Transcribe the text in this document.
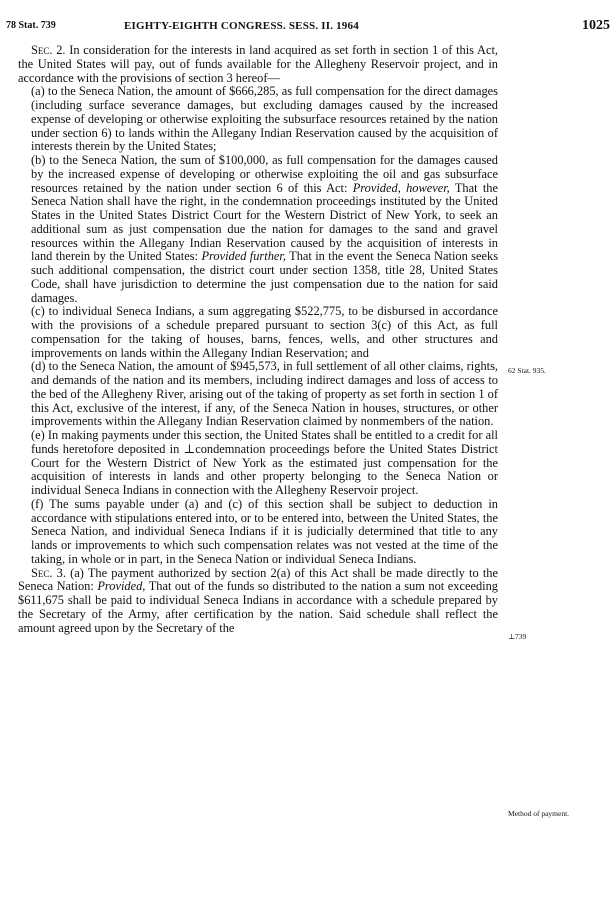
78 Stat. 739	EIGHTY-EIGHTH CONGRESS. SESS. II. 1964	1025

Sec. 2. In consideration for the interests in land acquired as set forth in section 1 of this Act, the United States will pay, out of funds available for the Allegheny Reservoir project, and in accordance with the provisions of section 3 hereof—

(a) to the Seneca Nation, the amount of $666,285, as full compensation for the direct damages (including surface severance damages, but excluding damages caused by the increased expense of developing or otherwise exploiting the subsurface resources retained by the nation under section 6) to lands within the Allegany Indian Reservation caused by the acquisition of interests therein by the United States;

(b) to the Seneca Nation, the sum of $100,000, as full compensation for the damages caused by the increased expense of developing or otherwise exploiting the oil and gas subsurface resources retained by the nation under section 6 of this Act: Provided, however, That the Seneca Nation shall have the right, in the condemnation proceedings instituted by the United States in the United States District Court for the Western District of New York, to seek an additional sum as just compensation due the nation for damages to the sand and gravel resources within the Allegany Indian Reservation caused by the acquisition of interests in land therein by the United States: Provided further, That in the event the Seneca Nation seeks such additional compensation, the district court under section 1358, title 28, United States Code, shall have jurisdiction to determine the just compensation due to the nation for said damages.

(c) to individual Seneca Indians, a sum aggregating $522,775, to be disbursed in accordance with the provisions of a schedule prepared pursuant to section 3(c) of this Act, as full compensation for the taking of houses, barns, fences, wells, and other structures and improvements on lands within the Allegany Indian Reservation; and

(d) to the Seneca Nation, the amount of $945,573, in full settlement of all other claims, rights, and demands of the nation and its members, including indirect damages and loss of access to the bed of the Allegheny River, arising out of the taking of property as set forth in section 1 of this Act, exclusive of the interest, if any, of the Seneca Nation in houses, structures, or other improvements within the Allegany Indian Reservation claimed by nonmembers of the nation.

(e) In making payments under this section, the United States shall be entitled to a credit for all funds heretofore deposited in ⊥condemnation proceedings before the United States District Court for the Western District of New York as the estimated just compensation for the acquisition of interests in lands and other property belonging to the Seneca Nation or individual Seneca Indians in connection with the Allegheny Reservoir project.

(f) The sums payable under (a) and (c) of this section shall be subject to deduction in accordance with stipulations entered into, or to be entered into, between the United States, the Seneca Nation, and individual Seneca Indians if it is judicially determined that title to any lands or improvements to which such compensation relates was not vested at the time of the taking, in whole or in part, in the Seneca Nation or individual Seneca Indians.

Sec. 3. (a) The payment authorized by section 2(a) of this Act shall be made directly to the Seneca Nation: Provided, That out of the funds so distributed to the nation a sum not exceeding $611,675 shall be paid to individual Seneca Indians in accordance with a schedule prepared by the Secretary of the Army, after certification by the nation. Said schedule shall reflect the amount agreed upon by the Secretary of the

62 Stat. 935.
⊥739
Method of payment.
